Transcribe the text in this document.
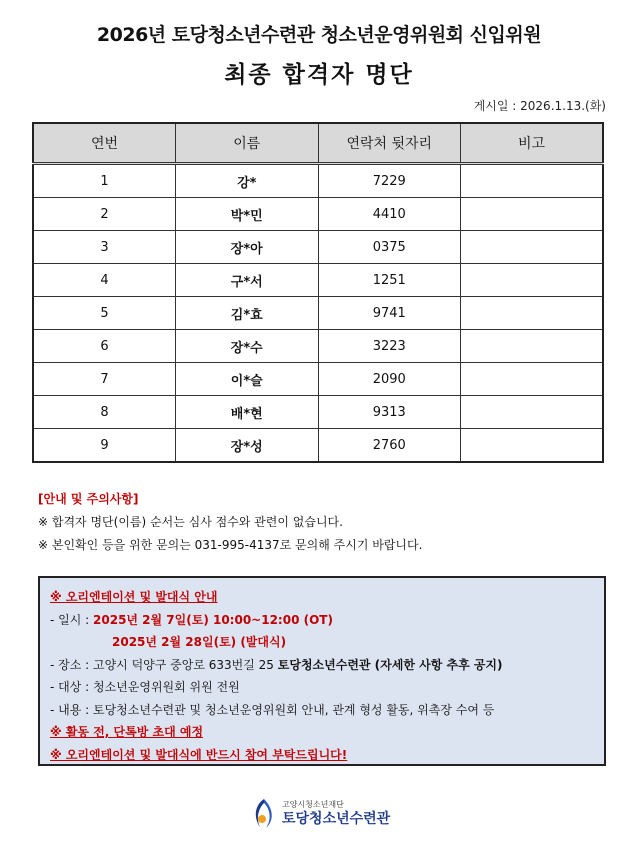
2026년 토당청소년수련관 청소년운영위원회 신입위원
최종 합격자 명단
게시일 : 2026.1.13.(화)
연번	이름	연락처 뒷자리	비고
1	강*	7229	
2	박*민	4410	
3	장*아	0375	
4	구*서	1251	
5	김*효	9741	
6	장*수	3223	
7	이*슬	2090	
8	배*현	9313	
9	장*성	2760	
[안내 및 주의사항]
※ 합격자 명단(이름) 순서는 심사 점수와 관련이 없습니다.
※ 본인확인 등을 위한 문의는 031-995-4137로 문의해 주시기 바랍니다.
※ 오리엔테이션 및 발대식 안내
- 일시 : 2025년 2월 7일(토) 10:00~12:00 (OT)
2025년 2월 28일(토) (발대식)
- 장소 : 고양시 덕양구 중앙로 633번길 25 토당청소년수련관 (자세한 사항 추후 공지)
- 대상 : 청소년운영위원회 위원 전원
- 내용 : 토당청소년수련관 및 청소년운영위원회 안내, 관계 형성 활동, 위촉장 수여 등
※ 활동 전, 단톡방 초대 예정
※ 오리엔테이션 및 발대식에 반드시 참여 부탁드립니다!
고양시청소년재단
토당청소년수련관
